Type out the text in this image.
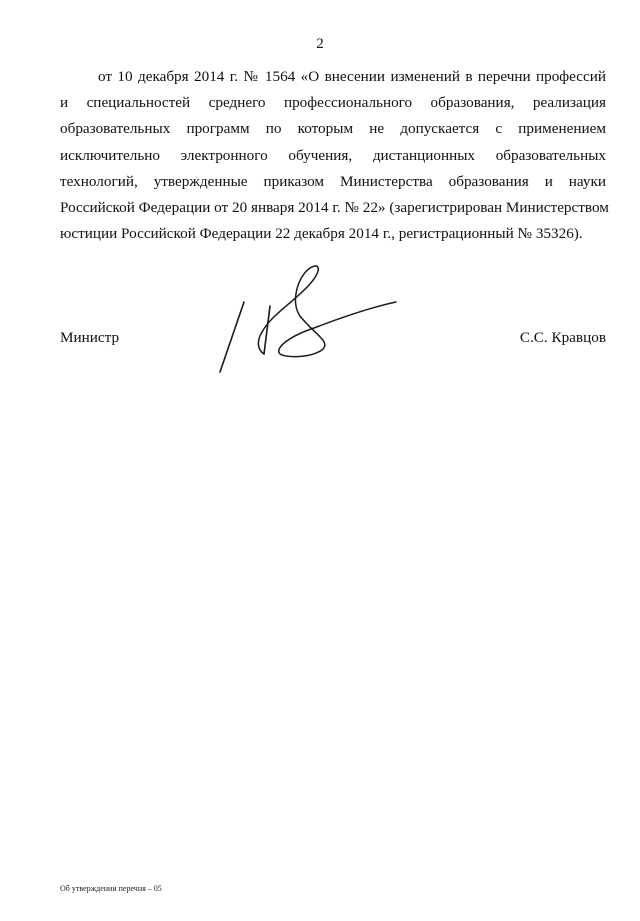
2
от 10 декабря 2014 г. № 1564 «О внесении изменений в перечни профессий
и специальностей среднего профессионального образования, реализация
образовательных программ по которым не допускается с применением
исключительно электронного обучения, дистанционных образовательных
технологий, утвержденные приказом Министерства образования и науки
Российской Федерации от 20 января 2014 г. № 22» (зарегистрирован Министерством
юстиции Российской Федерации 22 декабря 2014 г., регистрационный № 35326).
Министр	С.С. Кравцов
Об утверждении перечня – 05
